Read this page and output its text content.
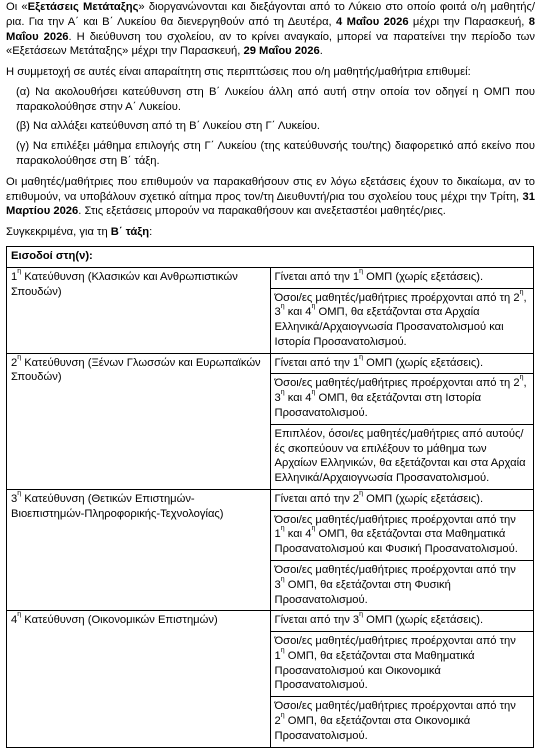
Οι «Εξετάσεις Μετάταξης» διοργανώνονται και διεξάγονται από το Λύκειο στο οποίο φοιτά ο/η μαθητής/ρια. Για την Α΄ και Β΄ Λυκείου θα διενεργηθούν από τη Δευτέρα, 4 Μαΐου 2026 μέχρι την Παρασκευή, 8 Μαΐου 2026. Η διεύθυνση του σχολείου, αν το κρίνει αναγκαίο, μπορεί να παρατείνει την περίοδο των «Εξετάσεων Μετάταξης» μέχρι την Παρασκευή, 29 Μαΐου 2026.

Η συμμετοχή σε αυτές είναι απαραίτητη στις περιπτώσεις που ο/η μαθητής/μαθήτρια επιθυμεί:

(α) Να ακολουθήσει κατεύθυνση στη Β΄ Λυκείου άλλη από αυτή στην οποία τον οδηγεί η ΟΜΠ που παρακολούθησε στην Α΄ Λυκείου.

(β) Να αλλάξει κατεύθυνση από τη Β΄ Λυκείου στη Γ΄ Λυκείου.

(γ) Να επιλέξει μάθημα επιλογής στη Γ΄ Λυκείου (της κατεύθυνσής του/της) διαφορετικό από εκείνο που παρακολούθησε στη Β΄ τάξη.

Οι μαθητές/μαθήτριες που επιθυμούν να παρακαθήσουν στις εν λόγω εξετάσεις έχουν το δικαίωμα, αν το επιθυμούν, να υποβάλουν σχετικό αίτημα προς τον/τη Διευθυντή/ρια του σχολείου τους μέχρι την Τρίτη, 31 Μαρτίου 2026. Στις εξετάσεις μπορούν να παρακαθήσουν και ανεξεταστέοι μαθητές/ριες.

Συγκεκριμένα, για τη Β΄ τάξη:

Εισοδοί στη(ν):	
$1^\eta$ Κατεύθυνση (Κλασικών και Ανθρωπιστικών Σπουδών)	Γίνεται από την $1^\eta$ ΟΜΠ (χωρίς εξετάσεις).
	Όσοι/ες μαθητές/μαθήτριες προέρχονται από τη $2^\eta$, $3^\eta$ και $4^\eta$ ΟΜΠ, θα εξετάζονται στα Αρχαία Ελληνικά/Αρχαιογνωσία Προσανατολισμού και Ιστορία Προσανατολισμού.
$2^\eta$ Κατεύθυνση (Ξένων Γλωσσών και Ευρωπαϊκών Σπουδών)	Γίνεται από την $1^\eta$ ΟΜΠ (χωρίς εξετάσεις).
	Όσοι/ες μαθητές/μαθήτριες προέρχονται από τη $2^\eta$, $3^\eta$ και $4^\eta$ ΟΜΠ, θα εξετάζονται στη Ιστορία Προσανατολισμού.
	Επιπλέον, όσοι/ες μαθητές/μαθήτριες από αυτούς/ές σκοπεύουν να επιλέξουν το μάθημα των Αρχαίων Ελληνικών, θα εξετάζονται και στα Αρχαία Ελληνικά/Αρχαιογνωσία Προσανατολισμού.
$3^\eta$ Κατεύθυνση (Θετικών Επιστημών-Βιοεπιστημών-Πληροφορικής-Τεχνολογίας)	Γίνεται από την $2^\eta$ ΟΜΠ (χωρίς εξετάσεις).
	Όσοι/ες μαθητές/μαθήτριες προέρχονται από την $1^\eta$ και $4^\eta$ ΟΜΠ, θα εξετάζονται στα Μαθηματικά Προσανατολισμού και Φυσική Προσανατολισμού.
	Όσοι/ες μαθητές/μαθήτριες προέρχονται από την $3^\eta$ ΟΜΠ, θα εξετάζονται στη Φυσική Προσανατολισμού.
$4^\eta$ Κατεύθυνση (Οικονομικών Επιστημών)	Γίνεται από την $3^\eta$ ΟΜΠ (χωρίς εξετάσεις).
	Όσοι/ες μαθητές/μαθήτριες προέρχονται από την $1^\eta$ ΟΜΠ, θα εξετάζονται στα Μαθηματικά Προσανατολισμού και Οικονομικά Προσανατολισμού.
	Όσοι/ες μαθητές/μαθήτριες προέρχονται από την $2^\eta$ ΟΜΠ, θα εξετάζονται στα Οικονομικά Προσανατολισμού.
